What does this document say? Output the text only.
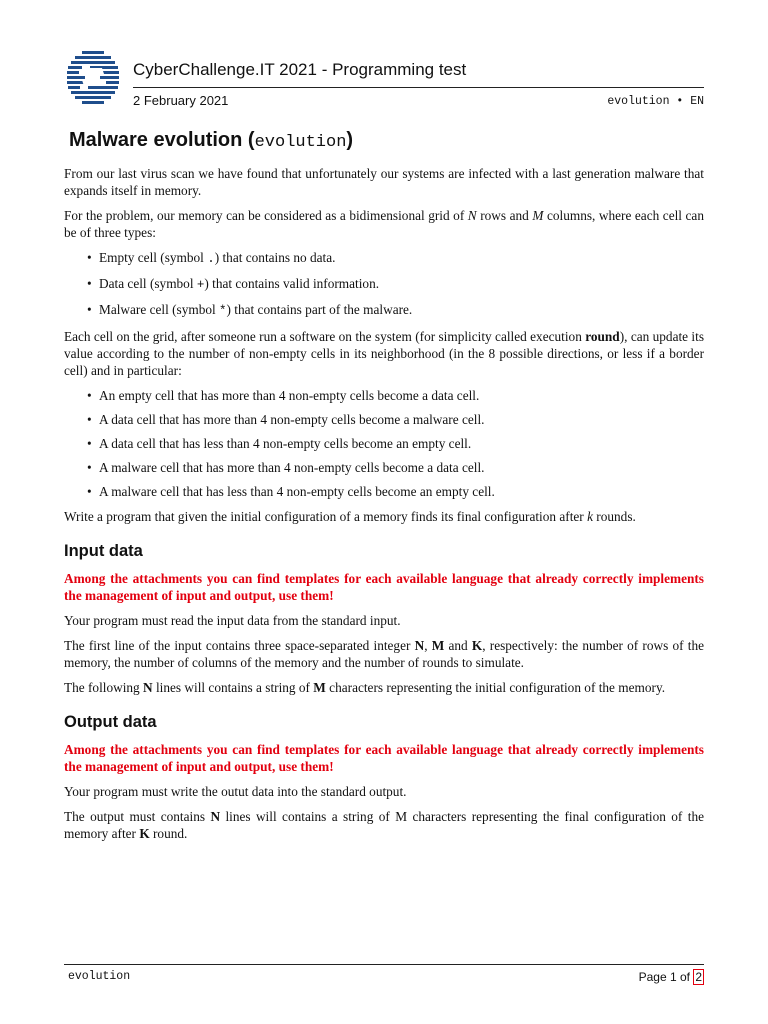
CyberChallenge.IT 2021 - Programming test
2 February 2021	evolution • EN
Malware evolution (evolution)

From our last virus scan we have found that unfortunately our systems are infected with a last generation malware that expands itself in memory.

For the problem, our memory can be considered as a bidimensional grid of N rows and M columns, where each cell can be of three types:

• Empty cell (symbol .) that contains no data.
• Data cell (symbol +) that contains valid information.
• Malware cell (symbol *) that contains part of the malware.

Each cell on the grid, after someone run a software on the system (for simplicity called execution round), can update its value according to the number of non-empty cells in its neighborhood (in the 8 possible directions, or less if a border cell) and in particular:

• An empty cell that has more than 4 non-empty cells become a data cell.
• A data cell that has more than 4 non-empty cells become a malware cell.
• A data cell that has less than 4 non-empty cells become an empty cell.
• A malware cell that has more than 4 non-empty cells become a data cell.
• A malware cell that has less than 4 non-empty cells become an empty cell.

Write a program that given the initial configuration of a memory finds its final configuration after k rounds.

Input data

Among the attachments you can find templates for each available language that already correctly implements the management of input and output, use them!

Your program must read the input data from the standard input.

The first line of the input contains three space-separated integer N, M and K, respectively: the number of rows of the memory, the number of columns of the memory and the number of rounds to simulate.

The following N lines will contains a string of M characters representing the initial configuration of the memory.

Output data

Among the attachments you can find templates for each available language that already correctly implements the management of input and output, use them!

Your program must write the outut data into the standard output.

The output must contains N lines will contains a string of M characters representing the final configuration of the memory after K round.

evolution	Page 1 of 2
